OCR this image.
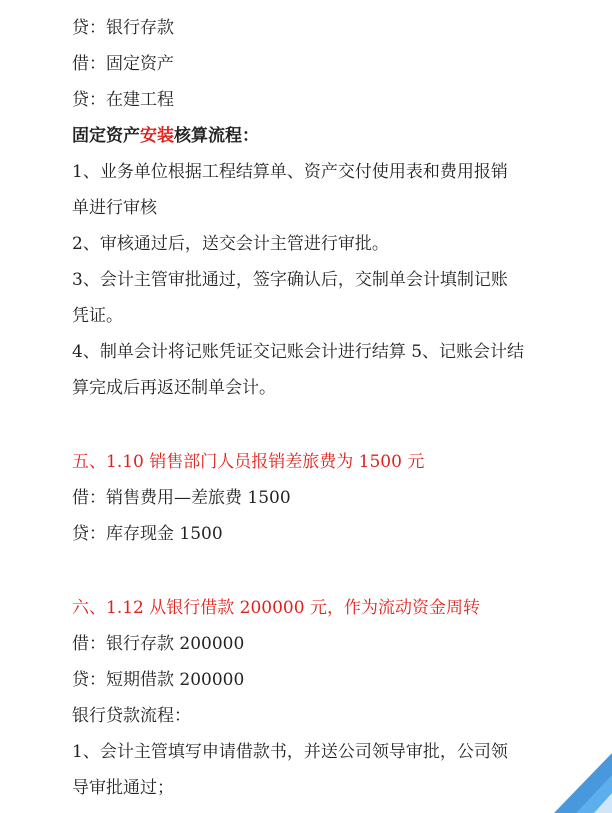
贷：银行存款
借：固定资产
贷：在建工程
固定资产安装核算流程：
1、业务单位根据工程结算单、资产交付使用表和费用报销
单进行审核
2、审核通过后，送交会计主管进行审批。
3、会计主管审批通过，签字确认后，交制单会计填制记账
凭证。
4、制单会计将记账凭证交记账会计进行结算 5、记账会计结
算完成后再返还制单会计。
五、1.10 销售部门人员报销差旅费为 1500 元
借：销售费用—差旅费 1500
贷：库存现金 1500
六、1.12 从银行借款 200000 元，作为流动资金周转
借：银行存款 200000
贷：短期借款 200000
银行贷款流程：
1、会计主管填写申请借款书，并送公司领导审批，公司领
导审批通过；
